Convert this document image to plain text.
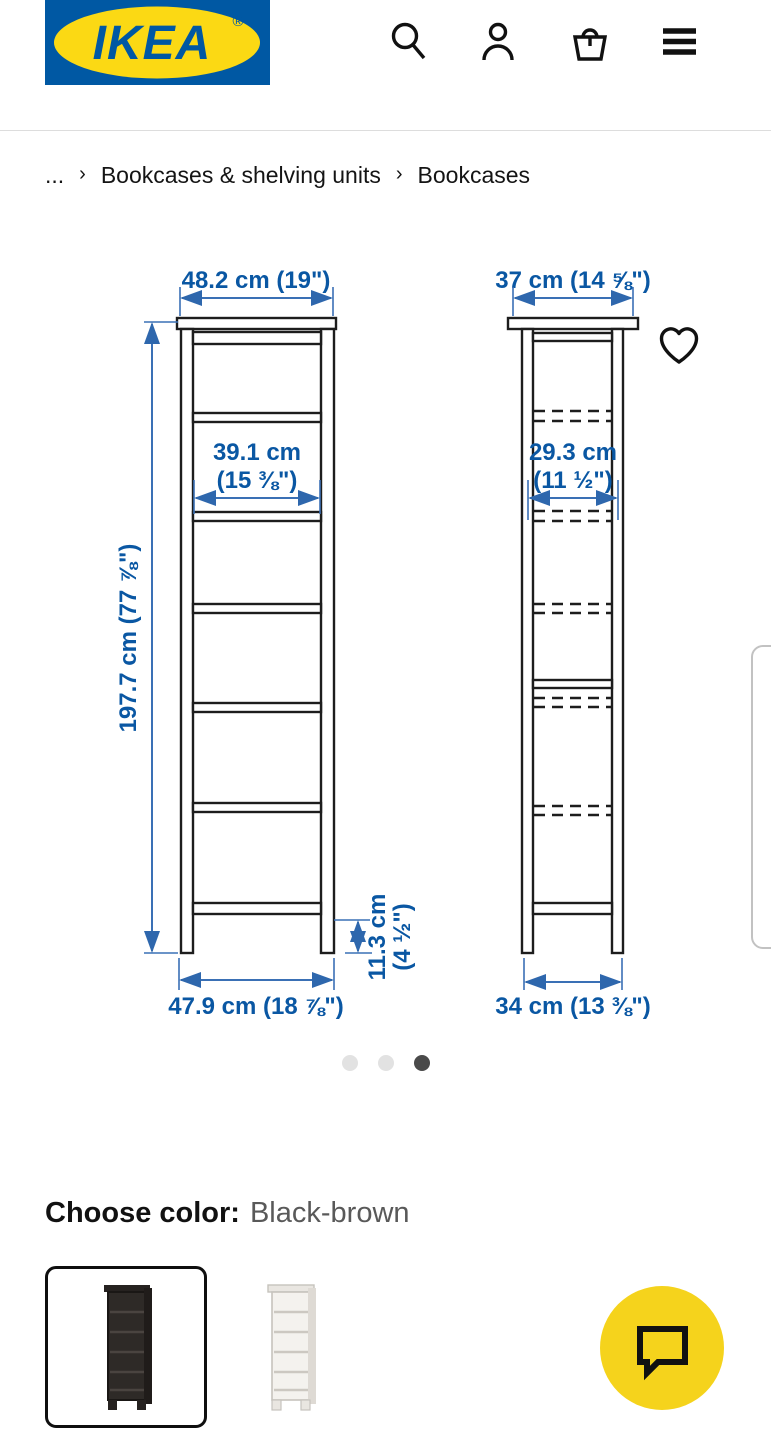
IKEA ®
... › Bookcases & shelving units › Bookcases
48.2 cm (19")
197.7 cm (77 ⅞")
39.1 cm
(15 ⅜")
11.3 cm
(4 ½")
47.9 cm (18 ⅞")
37 cm (14 ⅝")
29.3 cm
(11 ½")
34 cm (13 ⅜")
Choose color: Black-brown
